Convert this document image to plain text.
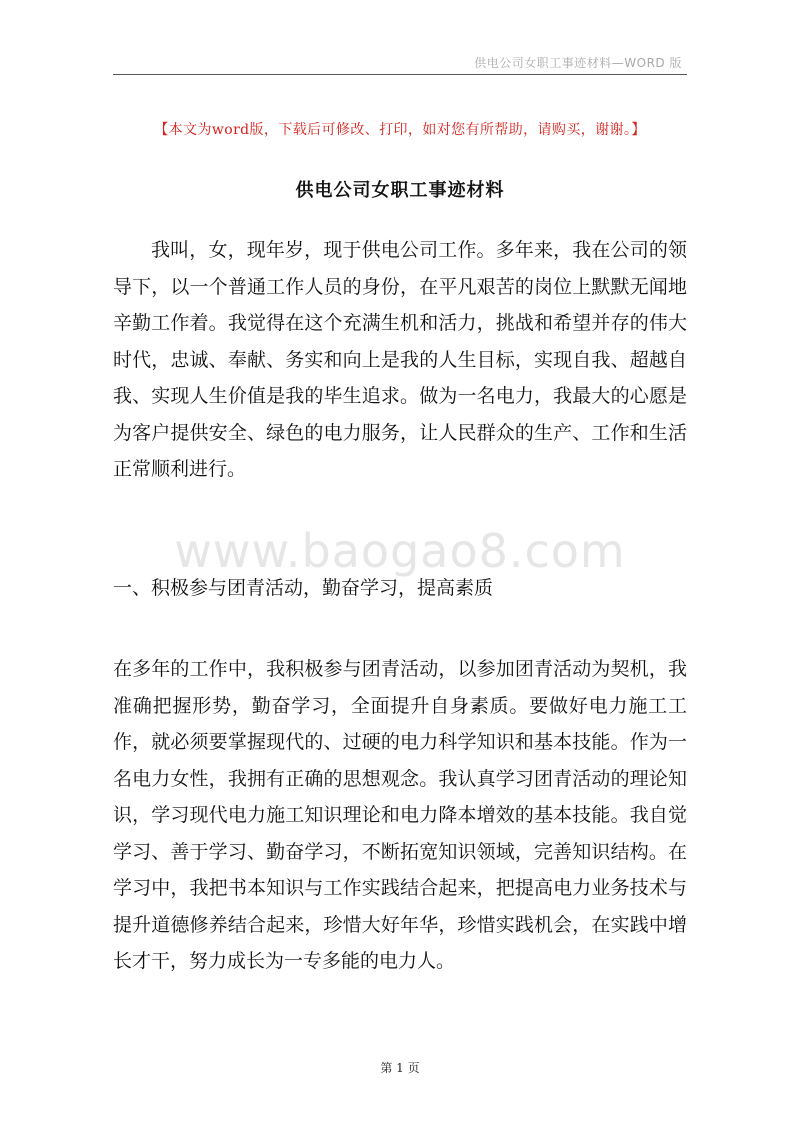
供电公司女职工事迹材料—WORD 版
【本文为word版，下载后可修改、打印，如对您有所帮助，请购买，谢谢。】
供电公司女职工事迹材料

我叫，女，现年岁，现于供电公司工作。多年来，我在公司的领导下，以一个普通工作人员的身份，在平凡艰苦的岗位上默默无闻地辛勤工作着。我觉得在这个充满生机和活力，挑战和希望并存的伟大时代，忠诚、奉献、务实和向上是我的人生目标，实现自我、超越自我、实现人生价值是我的毕生追求。做为一名电力，我最大的心愿是为客户提供安全、绿色的电力服务，让人民群众的生产、工作和生活正常顺利进行。

www.baogao8.com

一、积极参与团青活动，勤奋学习，提高素质

在多年的工作中，我积极参与团青活动，以参加团青活动为契机，我准确把握形势，勤奋学习，全面提升自身素质。要做好电力施工工作，就必须要掌握现代的、过硬的电力科学知识和基本技能。作为一名电力女性，我拥有正确的思想观念。我认真学习团青活动的理论知识，学习现代电力施工知识理论和电力降本增效的基本技能。我自觉学习、善于学习、勤奋学习，不断拓宽知识领域，完善知识结构。在学习中，我把书本知识与工作实践结合起来，把提高电力业务技术与提升道德修养结合起来，珍惜大好年华，珍惜实践机会，在实践中增长才干，努力成长为一专多能的电力人。

第 1 页
